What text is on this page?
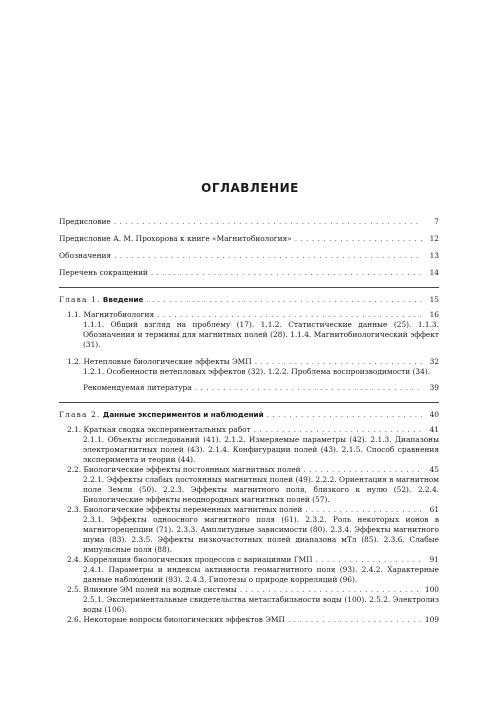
ОГЛАВЛЕНИЕ
Предисловие . . .	7
Предисловие А. М. Прохорова к книге «Магнитобиология» . . .	12
Обозначения . . .	13
Перечень сокращений . . .	14
Глава 1. Введение . . .	15
1.1. Магнитобиология . . .	16
1.1.1. Общий взгляд на проблему (17). 1.1.2. Статистические данные (25). 1.1.3. Обозначения и термины для магнитных полей (28). 1.1.4. Магнитобиологический эффект (31).
1.2. Нетепловые биологические эффекты ЭМП . . .	32
1.2.1. Особенности нетепловых эффектов (32). 1.2.2. Проблема воспроизводимости (34).
Рекомендуемая литература . . .	39
Глава 2. Данные экспериментов и наблюдений . . .	40
2.1. Краткая сводка экспериментальных работ . . .	41
2.1.1. Объекты исследований (41). 2.1.2. Измеряемые параметры (42). 2.1.3. Диапазоны электромагнитных полей (43). 2.1.4. Конфигурации полей (43). 2.1.5. Способ сравнения эксперимента и теории (44).
2.2. Биологические эффекты постоянных магнитных полей . . .	45
2.2.1. Эффекты слабых постоянных магнитных полей (49). 2.2.2. Ориентация в магнитном поле Земли (50). 2.2.3. Эффекты магнитного поля, близкого к нулю (52). 2.2.4. Биологические эффекты неоднородных магнитных полей (57).
2.3. Биологические эффекты переменных магнитных полей . . .	61
2.3.1. Эффекты одноосного магнитного поля (61). 2.3.2. Роль некоторых ионов в магниторецепции (71). 2.3.3. Амплитудные зависимости (80). 2.3.4. Эффекты магнитного шума (83). 2.3.5. Эффекты низкочастотных полей диапазона мТл (85). 2.3.6. Слабые импульсные поля (88).
2.4. Корреляция биологических процессов с вариациями ГМП . . .	91
2.4.1. Параметры и индексы активности геомагнитного поля (93). 2.4.2. Характерные данные наблюдений (93). 2.4.3. Гипотезы о природе корреляций (96).
2.5. Влияние ЭМ полей на водные системы . . .	100
2.5.1. Экспериментальные свидетельства метастабильности воды (100). 2.5.2. Электролиз воды (106).
2.6. Некоторые вопросы биологических эффектов ЭМП . . .	109
